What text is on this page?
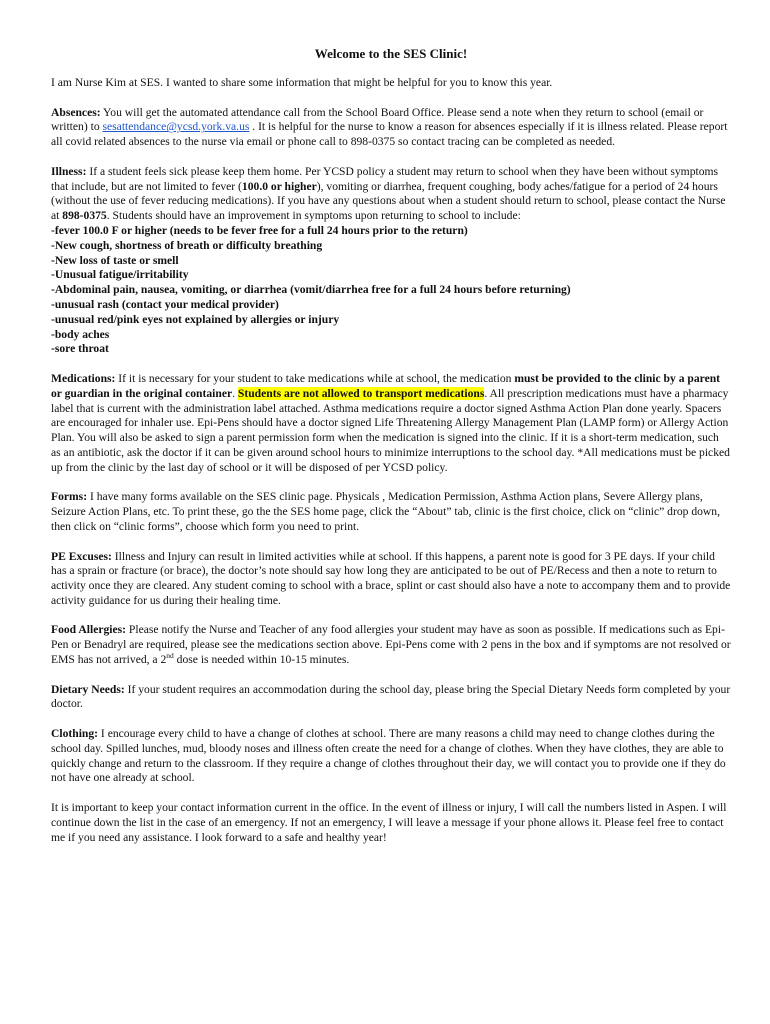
Welcome to the SES Clinic!

I am Nurse Kim at SES. I wanted to share some information that might be helpful for you to know this year.

Absences: You will get the automated attendance call from the School Board Office. Please send a note when they return to school (email or written) to sesattendance@ycsd.york.va.us . It is helpful for the nurse to know a reason for absences especially if it is illness related. Please report all covid related absences to the nurse via email or phone call to 898-0375 so contact tracing can be completed as needed.

Illness: If a student feels sick please keep them home. Per YCSD policy a student may return to school when they have been without symptoms that include, but are not limited to fever (100.0 or higher), vomiting or diarrhea, frequent coughing, body aches/fatigue for a period of 24 hours (without the use of fever reducing medications). If you have any questions about when a student should return to school, please contact the Nurse at 898-0375. Students should have an improvement in symptoms upon returning to school to include:
-fever 100.0 F or higher (needs to be fever free for a full 24 hours prior to the return)
-New cough, shortness of breath or difficulty breathing
-New loss of taste or smell
-Unusual fatigue/irritability
-Abdominal pain, nausea, vomiting, or diarrhea (vomit/diarrhea free for a full 24 hours before returning)
-unusual rash (contact your medical provider)
-unusual red/pink eyes not explained by allergies or injury
-body aches
-sore throat

Medications: If it is necessary for your student to take medications while at school, the medication must be provided to the clinic by a parent or guardian in the original container. Students are not allowed to transport medications. All prescription medications must have a pharmacy label that is current with the administration label attached. Asthma medications require a doctor signed Asthma Action Plan done yearly. Spacers are encouraged for inhaler use. Epi-Pens should have a doctor signed Life Threatening Allergy Management Plan (LAMP form) or Allergy Action Plan. You will also be asked to sign a parent permission form when the medication is signed into the clinic. If it is a short-term medication, such as an antibiotic, ask the doctor if it can be given around school hours to minimize interruptions to the school day. *All medications must be picked up from the clinic by the last day of school or it will be disposed of per YCSD policy.

Forms: I have many forms available on the SES clinic page. Physicals , Medication Permission, Asthma Action plans, Severe Allergy plans, Seizure Action Plans, etc. To print these, go the the SES home page, click the “About” tab, clinic is the first choice, click on “clinic” drop down, then click on “clinic forms”, choose which form you need to print.

PE Excuses: Illness and Injury can result in limited activities while at school. If this happens, a parent note is good for 3 PE days. If your child has a sprain or fracture (or brace), the doctor’s note should say how long they are anticipated to be out of PE/Recess and then a note to return to activity once they are cleared. Any student coming to school with a brace, splint or cast should also have a note to accompany them and to provide activity guidance for us during their healing time.

Food Allergies: Please notify the Nurse and Teacher of any food allergies your student may have as soon as possible. If medications such as Epi-Pen or Benadryl are required, please see the medications section above. Epi-Pens come with 2 pens in the box and if symptoms are not resolved or EMS has not arrived, a 2nd dose is needed within 10-15 minutes.

Dietary Needs: If your student requires an accommodation during the school day, please bring the Special Dietary Needs form completed by your doctor.

Clothing: I encourage every child to have a change of clothes at school. There are many reasons a child may need to change clothes during the school day. Spilled lunches, mud, bloody noses and illness often create the need for a change of clothes. When they have clothes, they are able to quickly change and return to the classroom. If they require a change of clothes throughout their day, we will contact you to provide one if they do not have one already at school.

It is important to keep your contact information current in the office. In the event of illness or injury, I will call the numbers listed in Aspen. I will continue down the list in the case of an emergency. If not an emergency, I will leave a message if your phone allows it. Please feel free to contact me if you need any assistance. I look forward to a safe and healthy year!
